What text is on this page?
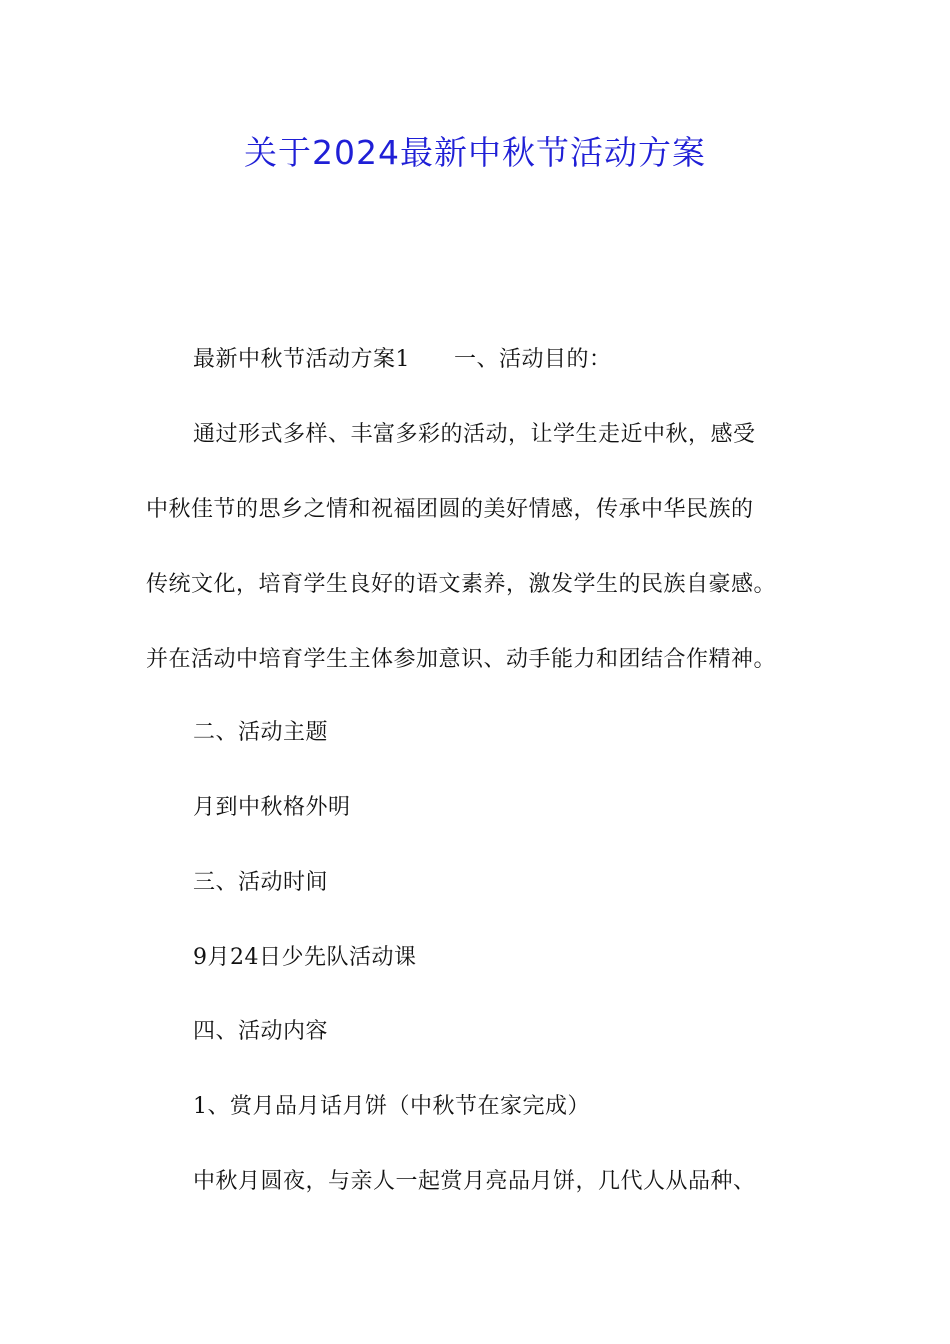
关于2024最新中秋节活动方案
最新中秋节活动方案1 一、活动目的：
通过形式多样、丰富多彩的活动，让学生走近中秋，感受
中秋佳节的思乡之情和祝福团圆的美好情感，传承中华民族的
传统文化，培育学生良好的语文素养，激发学生的民族自豪感。
并在活动中培育学生主体参加意识、动手能力和团结合作精神。
二、活动主题
月到中秋格外明
三、活动时间
9月24日少先队活动课
四、活动内容
1、赏月品月话月饼（中秋节在家完成）
中秋月圆夜，与亲人一起赏月亮品月饼，几代人从品种、
